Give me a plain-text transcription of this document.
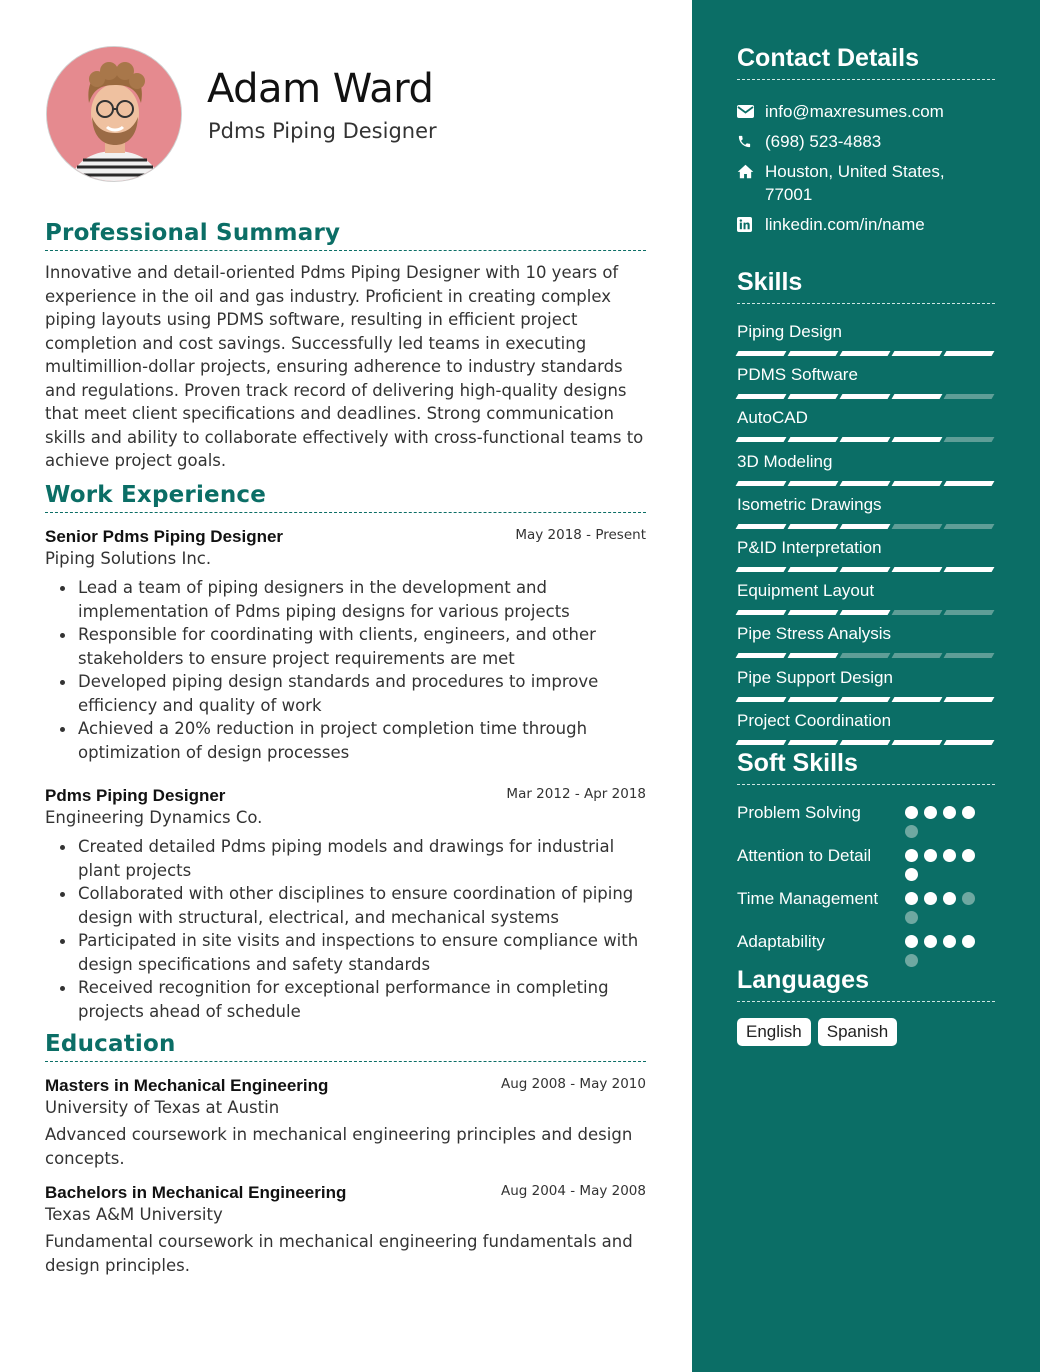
Adam Ward
Pdms Piping Designer
Professional Summary

Innovative and detail-oriented Pdms Piping Designer with 10 years of experience in the oil and gas industry. Proficient in creating complex piping layouts using PDMS software, resulting in efficient project completion and cost savings. Successfully led teams in executing multimillion-dollar projects, ensuring adherence to industry standards and regulations. Proven track record of delivering high-quality designs that meet client specifications and deadlines. Strong communication skills and ability to collaborate effectively with cross-functional teams to achieve project goals.

Work Experience
Senior Pdms Piping Designer	May 2018 - Present
Piping Solutions Inc.
Lead a team of piping designers in the development and implementation of Pdms piping designs for various projects
Responsible for coordinating with clients, engineers, and other stakeholders to ensure project requirements are met
Developed piping design standards and procedures to improve efficiency and quality of work
Achieved a 20% reduction in project completion time through optimization of design processes
Pdms Piping Designer	Mar 2012 - Apr 2018
Engineering Dynamics Co.
Created detailed Pdms piping models and drawings for industrial plant projects
Collaborated with other disciplines to ensure coordination of piping design with structural, electrical, and mechanical systems
Participated in site visits and inspections to ensure compliance with design specifications and safety standards
Received recognition for exceptional performance in completing projects ahead of schedule
Education
Masters in Mechanical Engineering	Aug 2008 - May 2010
University of Texas at Austin

Advanced coursework in mechanical engineering principles and design concepts.

Bachelors in Mechanical Engineering	Aug 2004 - May 2008
Texas A&M University

Fundamental coursework in mechanical engineering fundamentals and design principles.

Contact Details
info@maxresumes.com
(698) 523-4883
Houston, United States, 77001
linkedin.com/in/name
Skills
Piping Design
PDMS Software
AutoCAD
3D Modeling
Isometric Drawings
P&ID Interpretation
Equipment Layout
Pipe Stress Analysis
Pipe Support Design
Project Coordination
Soft Skills
Problem Solving
Attention to Detail
Time Management
Adaptability
Languages
English	Spanish
